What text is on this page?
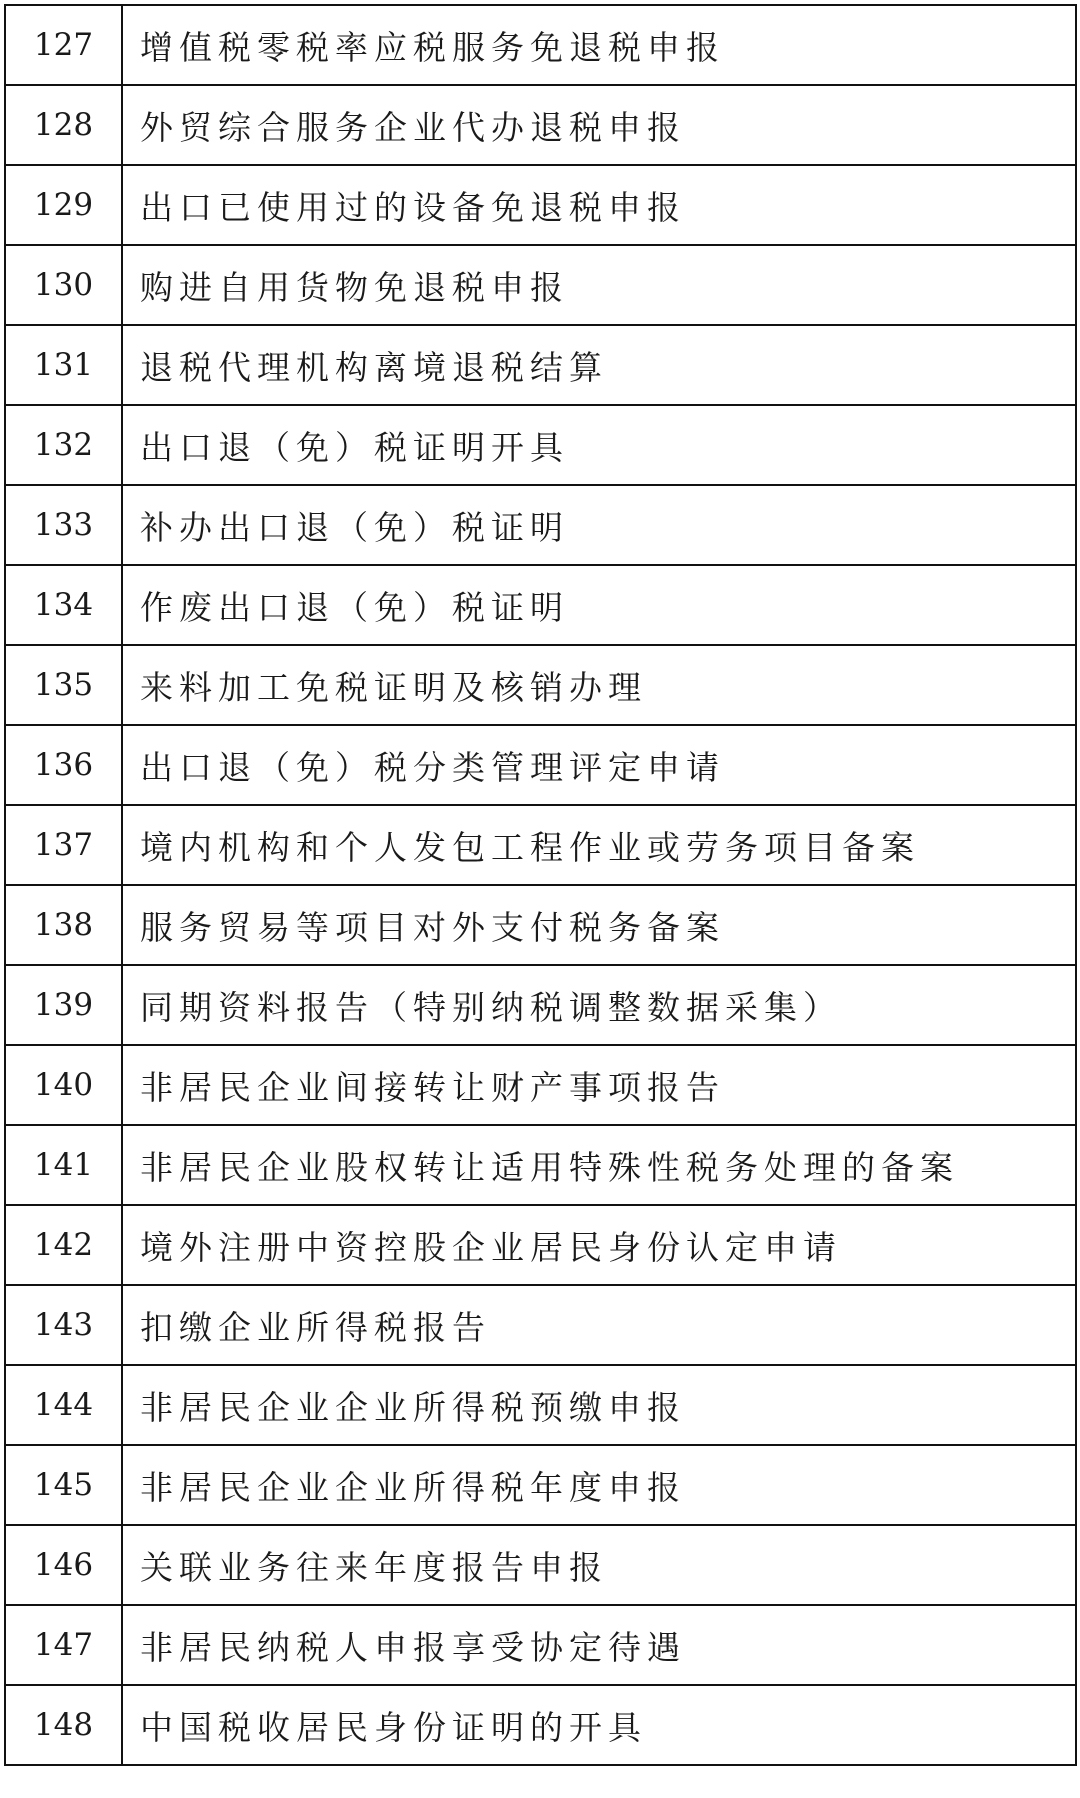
127	增值税零税率应税服务免退税申报
128	外贸综合服务企业代办退税申报
129	出口已使用过的设备免退税申报
130	购进自用货物免退税申报
131	退税代理机构离境退税结算
132	出口退（免）税证明开具
133	补办出口退（免）税证明
134	作废出口退（免）税证明
135	来料加工免税证明及核销办理
136	出口退（免）税分类管理评定申请
137	境内机构和个人发包工程作业或劳务项目备案
138	服务贸易等项目对外支付税务备案
139	同期资料报告（特别纳税调整数据采集）
140	非居民企业间接转让财产事项报告
141	非居民企业股权转让适用特殊性税务处理的备案
142	境外注册中资控股企业居民身份认定申请
143	扣缴企业所得税报告
144	非居民企业企业所得税预缴申报
145	非居民企业企业所得税年度申报
146	关联业务往来年度报告申报
147	非居民纳税人申报享受协定待遇
148	中国税收居民身份证明的开具
